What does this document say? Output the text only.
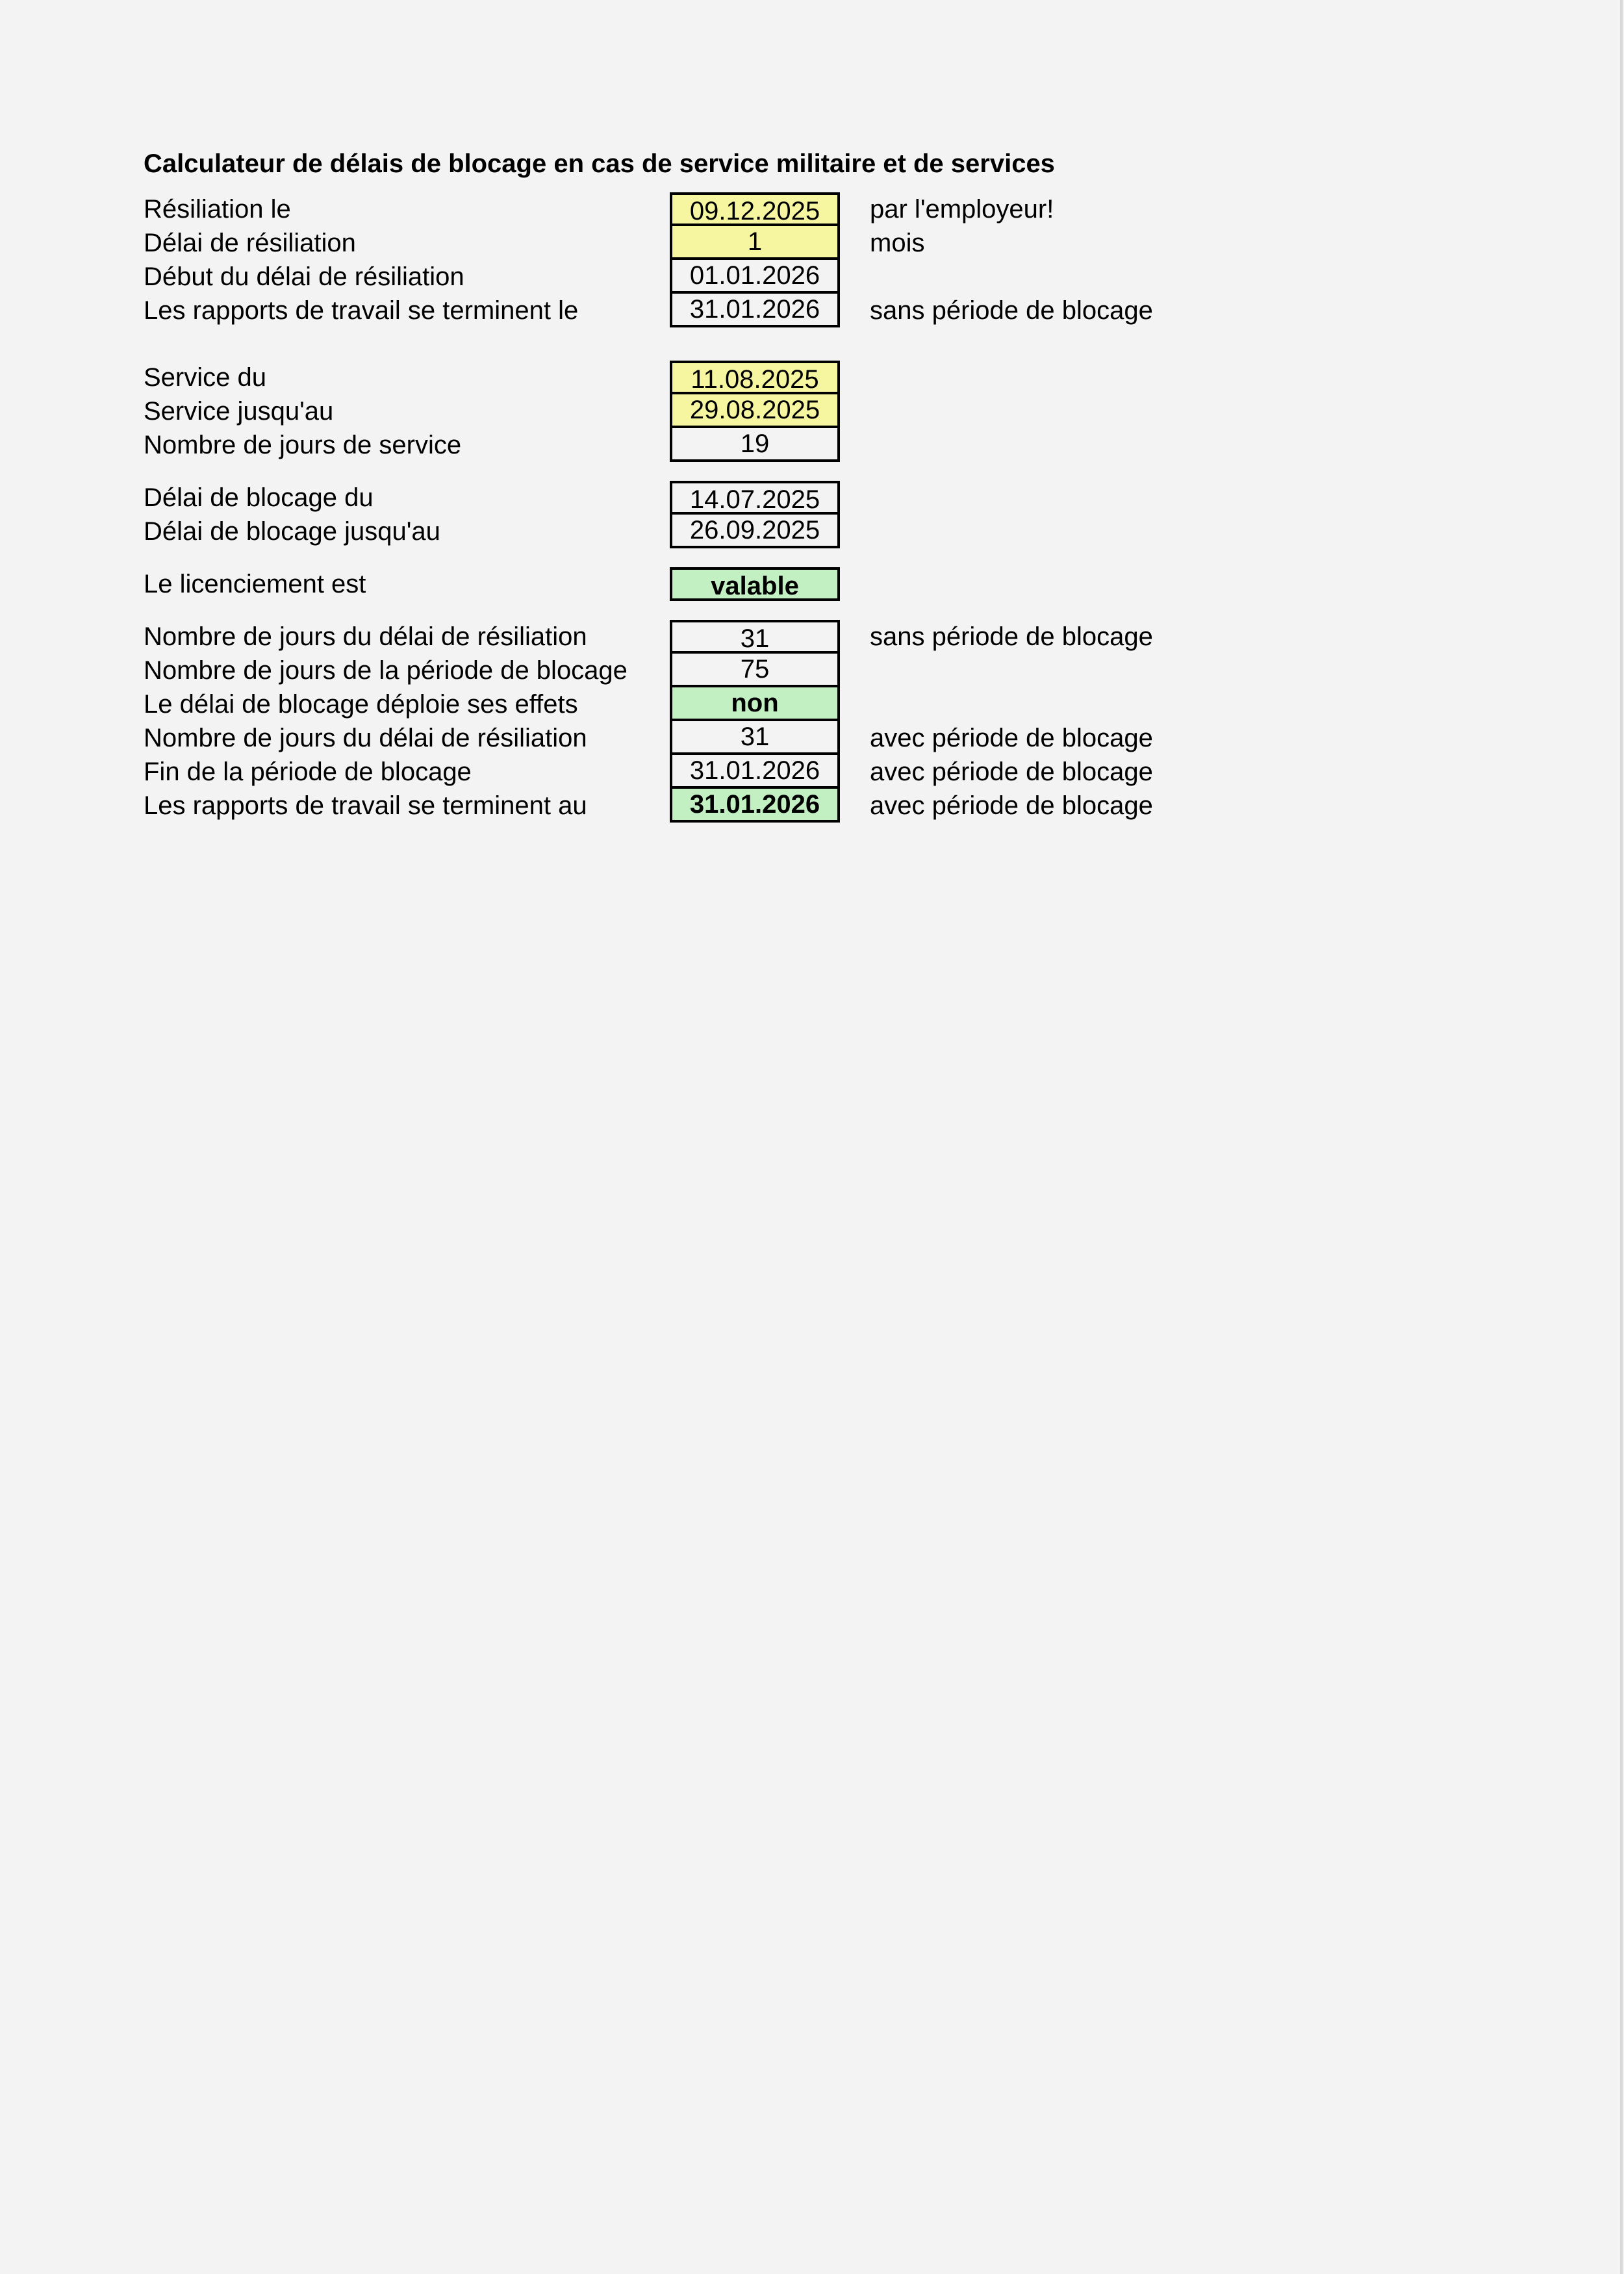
Calculateur de délais de blocage en cas de service militaire et de services
Résiliation le	09.12.2025	par l'employeur!
Délai de résiliation	1	mois
Début du délai de résiliation	01.01.2026
Les rapports de travail se terminent le	31.01.2026	sans période de blocage
Service du	11.08.2025
Service jusqu'au	29.08.2025
Nombre de jours de service	19
Délai de blocage du	14.07.2025
Délai de blocage jusqu'au	26.09.2025
Le licenciement est	valable
Nombre de jours du délai de résiliation	31	sans période de blocage
Nombre de jours de la période de blocage	75
Le délai de blocage déploie ses effets	non
Nombre de jours du délai de résiliation	31	avec période de blocage
Fin de la période de blocage	31.01.2026	avec période de blocage
Les rapports de travail se terminent au	31.01.2026	avec période de blocage
